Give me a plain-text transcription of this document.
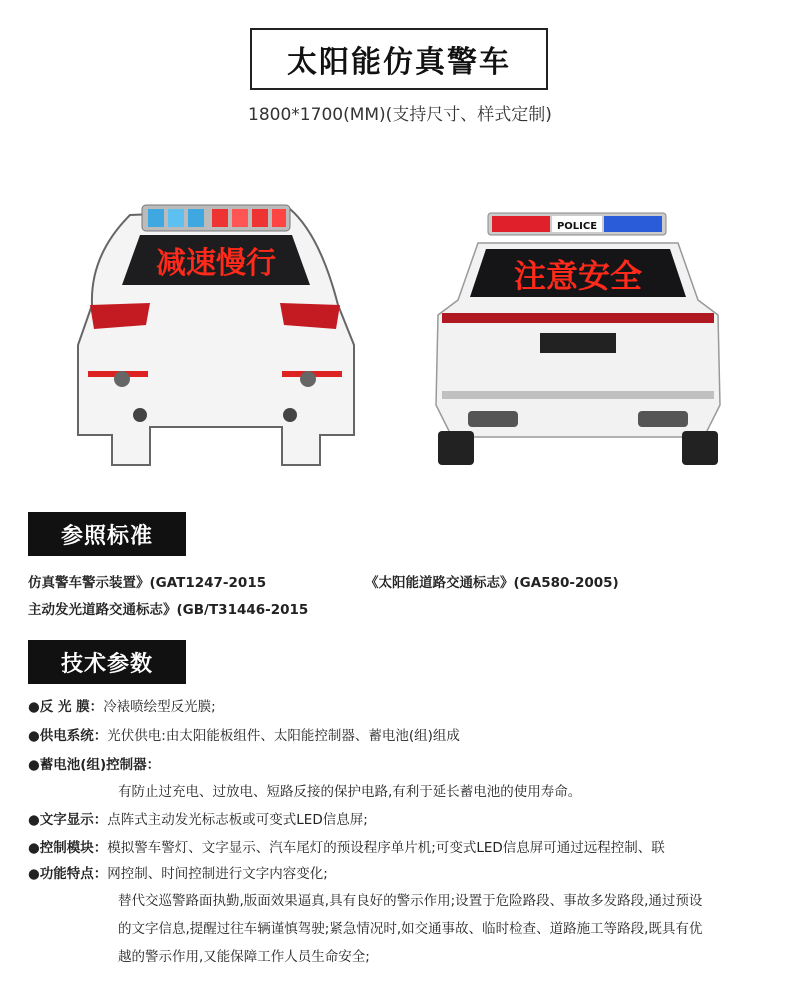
太阳能仿真警车
1800*1700(MM)(支持尺寸、样式定制)
减速慢行
POLICE
注意安全
参照标准
仿真警车警示装置》(GAT1247-2015	《太阳能道路交通标志》(GA580-2005)
主动发光道路交通标志》(GB/T31446-2015
技术参数
●反 光 膜：冷裱喷绘型反光膜;
●供电系统：光伏供电:由太阳能板组件、太阳能控制器、蓄电池(组)组成
●蓄电池(组)控制器：
有防止过充电、过放电、短路反接的保护电路,有利于延长蓄电池的使用寿命。
●文字显示：点阵式主动发光标志板或可变式LED信息屏;
●控制模块：模拟警车警灯、文字显示、汽车尾灯的预设程序单片机;可变式LED信息屏可通过远程控制、联
●功能特点：网控制、时间控制进行文字内容变化;
替代交巡警路面执勤,版面效果逼真,具有良好的警示作用;设置于危险路段、事故多发路段,通过预设
的文字信息,提醒过往车辆谨慎驾驶;紧急情况时,如交通事故、临时检查、道路施工等路段,既具有优
越的警示作用,又能保障工作人员生命安全;
